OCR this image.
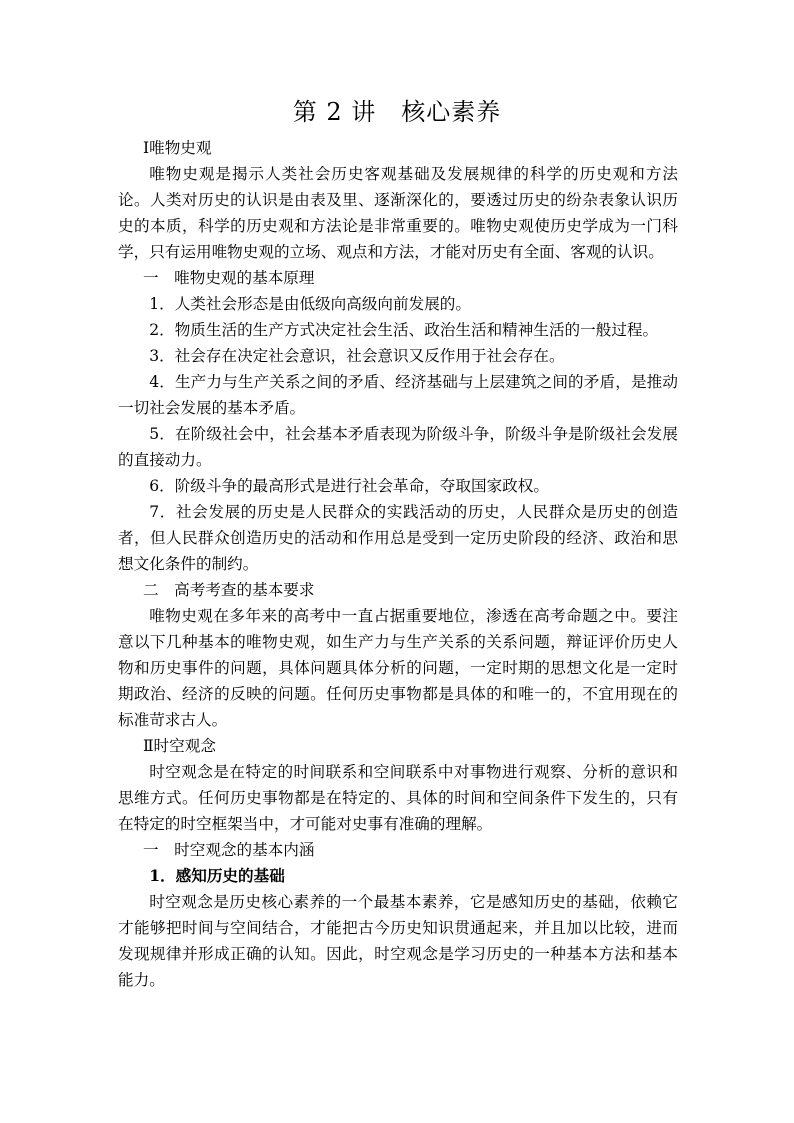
第 2 讲　核心素养

Ⅰ唯物史观

唯物史观是揭示人类社会历史客观基础及发展规律的科学的历史观和方法论。人类对历史的认识是由表及里、逐渐深化的，要透过历史的纷杂表象认识历史的本质，科学的历史观和方法论是非常重要的。唯物史观使历史学成为一门科学，只有运用唯物史观的立场、观点和方法，才能对历史有全面、客观的认识。

一　唯物史观的基本原理

1．人类社会形态是由低级向高级向前发展的。

2．物质生活的生产方式决定社会生活、政治生活和精神生活的一般过程。

3．社会存在决定社会意识，社会意识又反作用于社会存在。

4．生产力与生产关系之间的矛盾、经济基础与上层建筑之间的矛盾，是推动一切社会发展的基本矛盾。

5．在阶级社会中，社会基本矛盾表现为阶级斗争，阶级斗争是阶级社会发展的直接动力。

6．阶级斗争的最高形式是进行社会革命，夺取国家政权。

7．社会发展的历史是人民群众的实践活动的历史，人民群众是历史的创造者，但人民群众创造历史的活动和作用总是受到一定历史阶段的经济、政治和思想文化条件的制约。

二　高考考查的基本要求

唯物史观在多年来的高考中一直占据重要地位，渗透在高考命题之中。要注意以下几种基本的唯物史观，如生产力与生产关系的关系问题，辩证评价历史人物和历史事件的问题，具体问题具体分析的问题，一定时期的思想文化是一定时期政治、经济的反映的问题。任何历史事物都是具体的和唯一的，不宜用现在的标准苛求古人。

Ⅱ时空观念

时空观念是在特定的时间联系和空间联系中对事物进行观察、分析的意识和思维方式。任何历史事物都是在特定的、具体的时间和空间条件下发生的，只有在特定的时空框架当中，才可能对史事有准确的理解。

一　时空观念的基本内涵

1．感知历史的基础

时空观念是历史核心素养的一个最基本素养，它是感知历史的基础，依赖它才能够把时间与空间结合，才能把古今历史知识贯通起来，并且加以比较，进而发现规律并形成正确的认知。因此，时空观念是学习历史的一种基本方法和基本能力。
